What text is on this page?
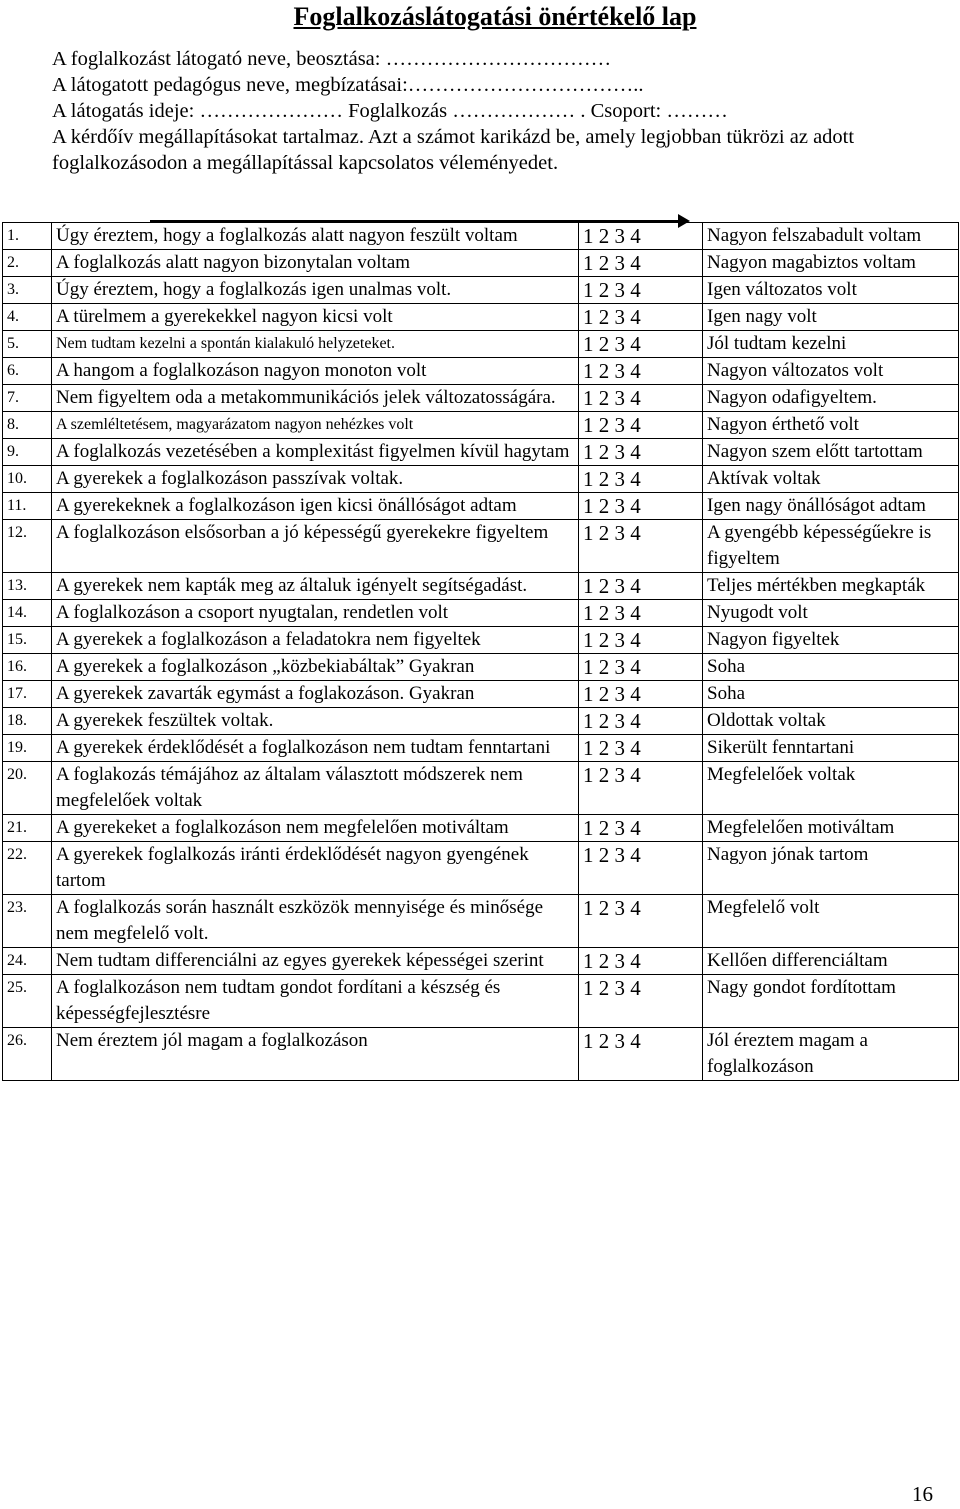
Foglalkozáslátogatási önértékelő lap
A foglalkozást látogató neve, beosztása: ……………………………
A látogatott pedagógus neve, megbízatásai:……………………………..
A látogatás ideje: ………………… Foglalkozás ……………… . Csoport: ………

A kérdőív megállapításokat tartalmaz. Azt a számot karikázd be, amely legjobban tükrözi az adott foglalkozásodon a megállapítással kapcsolatos véleményedet.

1.	Úgy éreztem, hogy a foglalkozás alatt nagyon feszült voltam	1 2 3 4	Nagyon felszabadult voltam
2.	A foglalkozás alatt nagyon bizonytalan voltam	1 2 3 4	Nagyon magabiztos voltam
3.	Úgy éreztem, hogy a foglalkozás igen unalmas volt.	1 2 3 4	Igen változatos volt
4.	A türelmem a gyerekekkel nagyon kicsi volt	1 2 3 4	Igen nagy volt
5.	Nem tudtam kezelni a spontán kialakuló helyzeteket.	1 2 3 4	Jól tudtam kezelni
6.	A hangom a foglalkozáson nagyon monoton volt	1 2 3 4	Nagyon változatos volt
7.	Nem figyeltem oda a metakommunikációs jelek változatosságára.	1 2 3 4	Nagyon odafigyeltem.
8.	A szemléltetésem, magyarázatom nagyon nehézkes volt	1 2 3 4	Nagyon érthető volt
9.	A foglalkozás vezetésében a komplexitást figyelmen kívül hagytam	1 2 3 4	Nagyon szem előtt tartottam
10.	A gyerekek a foglalkozáson passzívak voltak.	1 2 3 4	Aktívak voltak
11.	A gyerekeknek a foglalkozáson igen kicsi önállóságot adtam	1 2 3 4	Igen nagy önállóságot adtam
12.	A foglalkozáson elsősorban a jó képességű gyerekekre figyeltem	1 2 3 4	A gyengébb képességűekre is figyeltem
13.	A gyerekek nem kapták meg az általuk igényelt segítségadást.	1 2 3 4	Teljes mértékben megkapták
14.	A foglalkozáson a csoport nyugtalan, rendetlen volt	1 2 3 4	Nyugodt volt
15.	A gyerekek a foglalkozáson a feladatokra nem figyeltek	1 2 3 4	Nagyon figyeltek
16.	A gyerekek a foglalkozáson „közbekiabáltak” Gyakran	1 2 3 4	Soha
17.	A gyerekek zavarták egymást a foglakozáson. Gyakran	1 2 3 4	Soha
18.	A gyerekek feszültek voltak.	1 2 3 4	Oldottak voltak
19.	A gyerekek érdeklődését a foglalkozáson nem tudtam fenntartani	1 2 3 4	Sikerült fenntartani
20.	A foglakozás témájához az általam választott módszerek nem megfelelőek voltak	1 2 3 4	Megfelelőek voltak
21.	A gyerekeket a foglalkozáson nem megfelelően motiváltam	1 2 3 4	Megfelelően motiváltam
22.	A gyerekek foglalkozás iránti érdeklődését nagyon gyengének tartom	1 2 3 4	Nagyon jónak tartom
23.	A foglalkozás során használt eszközök mennyisége és minősége nem megfelelő volt.	1 2 3 4	Megfelelő volt
24.	Nem tudtam differenciálni az egyes gyerekek képességei szerint	1 2 3 4	Kellően differenciáltam
25.	A foglalkozáson nem tudtam gondot fordítani a készség és képességfejlesztésre	1 2 3 4	Nagy gondot fordítottam
26.	Nem éreztem jól magam a foglalkozáson	1 2 3 4	Jól éreztem magam a foglalkozáson
16
